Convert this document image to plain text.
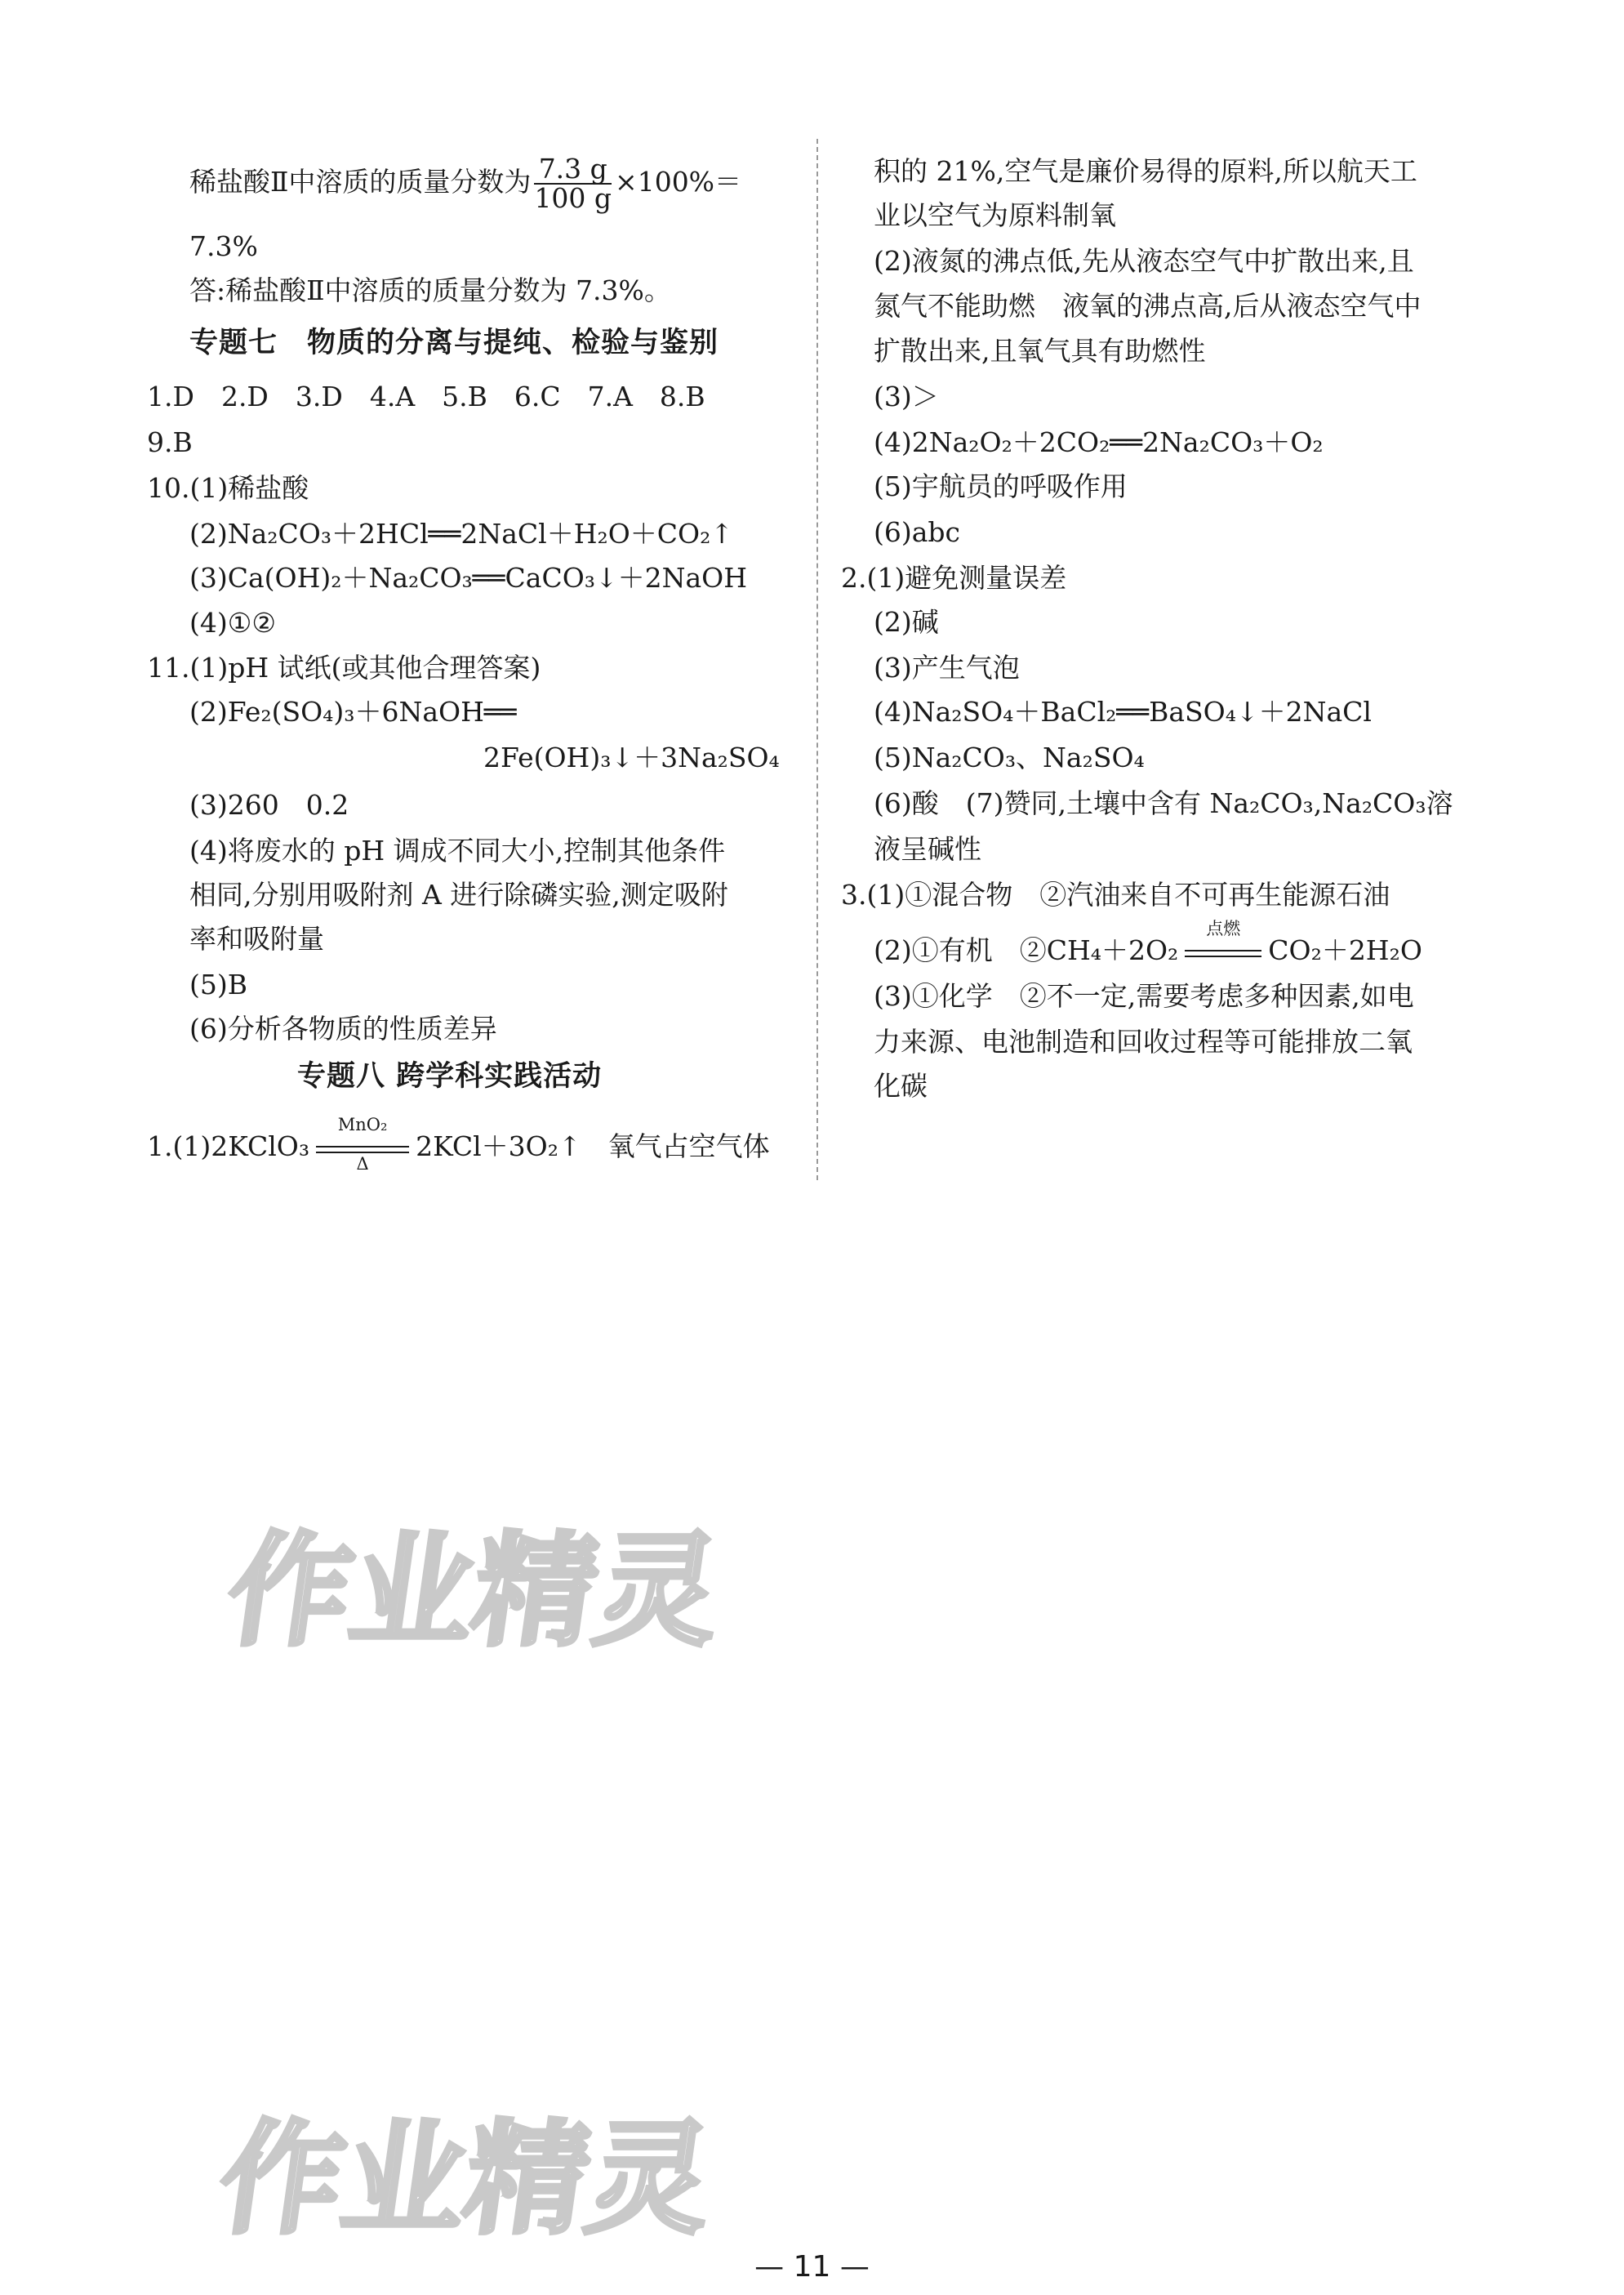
稀盐酸Ⅱ中溶质的质量分数为 $\frac{7.3 g}{100 g} \times 100\%=$
7.3%
答:稀盐酸Ⅱ中溶质的质量分数为 7.3%。
专题七　物质的分离与提纯、检验与鉴别
1.D　2.D　3.D　4.A　5.B　6.C　7.A　8.B
9.B
10.(1)稀盐酸
(2)Na₂CO₃＋2HCl══2NaCl＋H₂O＋CO₂↑
(3)Ca(OH)₂＋Na₂CO₃══CaCO₃↓＋2NaOH
(4)①②
11.(1)pH 试纸(或其他合理答案)
(2)Fe₂(SO₄)₃＋6NaOH══
2Fe(OH)₃↓＋3Na₂SO₄
(3)260　0.2
(4)将废水的 pH 调成不同大小,控制其他条件
相同,分别用吸附剂 A 进行除磷实验,测定吸附
率和吸附量
(5)B
(6)分析各物质的性质差异
专题八 跨学科实践活动
1.(1)2KClO₃
MnO₂
Δ
2KCl＋3O₂↑　氧气占空气体
积的 21%,空气是廉价易得的原料,所以航天工
业以空气为原料制氧
(2)液氮的沸点低,先从液态空气中扩散出来,且
氮气不能助燃　液氧的沸点高,后从液态空气中
扩散出来,且氧气具有助燃性
(3)＞
(4)2Na₂O₂＋2CO₂══2Na₂CO₃＋O₂
(5)宇航员的呼吸作用
(6)abc
2.(1)避免测量误差
(2)碱
(3)产生气泡
(4)Na₂SO₄＋BaCl₂══BaSO₄↓＋2NaCl
(5)Na₂CO₃、Na₂SO₄
(6)酸　(7)赞同,土壤中含有 Na₂CO₃,Na₂CO₃溶
液呈碱性
3.(1)①混合物　②汽油来自不可再生能源石油
(2)①有机　②CH₄＋2O₂
点燃
CO₂＋2H₂O
(3)①化学　②不一定,需要考虑多种因素,如电
力来源、电池制造和回收过程等可能排放二氧
化碳
作业精灵
作业精灵
— 11 —
